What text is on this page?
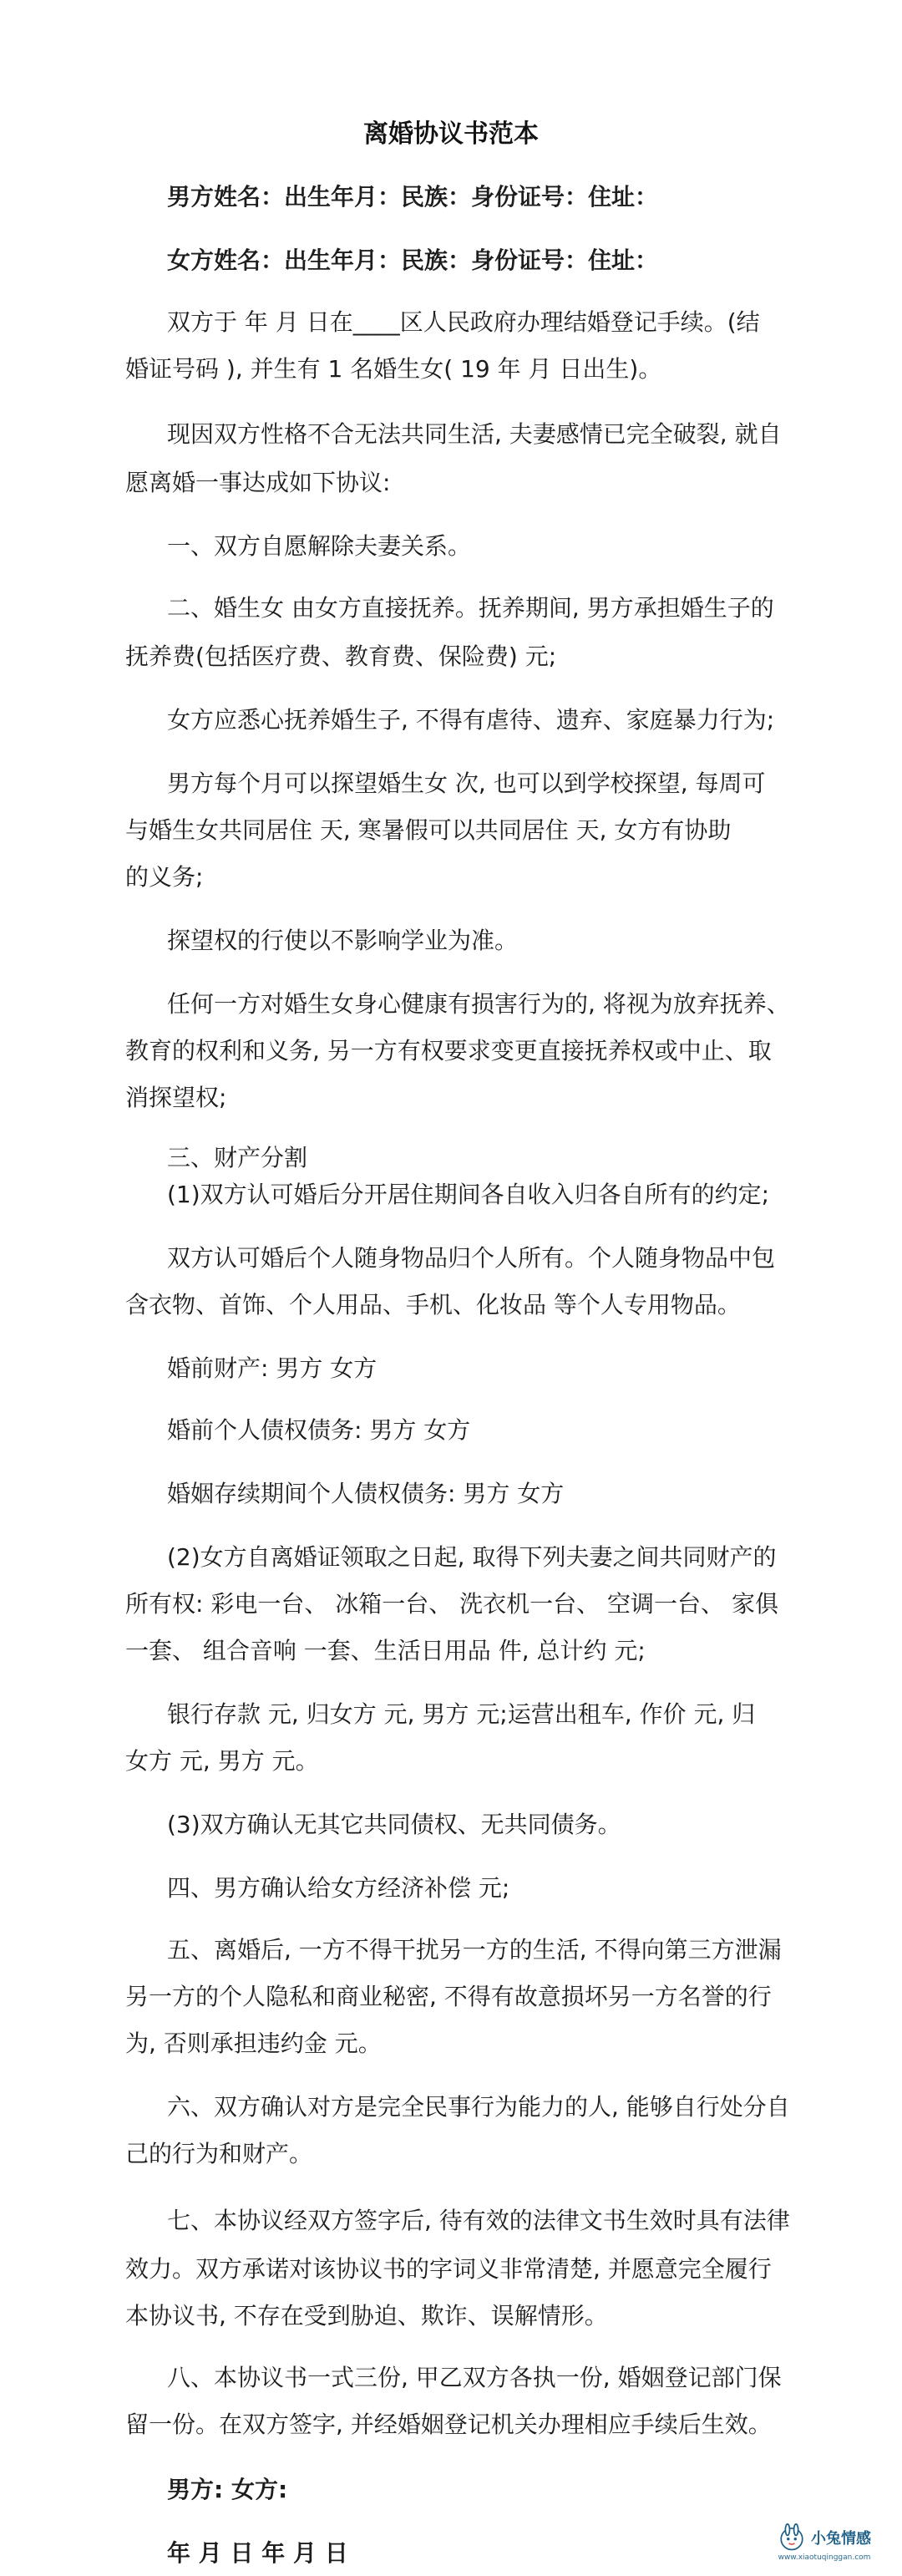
离婚协议书范本
男方姓名：出生年月：民族：身份证号：住址：
女方姓名：出生年月：民族：身份证号：住址：
双方于 年 月 日在____区人民政府办理结婚登记手续。(结
婚证号码 ), 并生有 1 名婚生女( 19 年 月 日出生)。
现因双方性格不合无法共同生活, 夫妻感情已完全破裂, 就自
愿离婚一事达成如下协议:
一、双方自愿解除夫妻关系。
二、婚生女 由女方直接抚养。抚养期间, 男方承担婚生子的
抚养费(包括医疗费、教育费、保险费) 元;
女方应悉心抚养婚生子, 不得有虐待、遗弃、家庭暴力行为;
男方每个月可以探望婚生女 次, 也可以到学校探望, 每周可
与婚生女共同居住 天, 寒暑假可以共同居住 天, 女方有协助
的义务;
探望权的行使以不影响学业为准。
任何一方对婚生女身心健康有损害行为的, 将视为放弃抚养、
教育的权利和义务, 另一方有权要求变更直接抚养权或中止、取
消探望权;
三、财产分割
(1)双方认可婚后分开居住期间各自收入归各自所有的约定;
双方认可婚后个人随身物品归个人所有。个人随身物品中包
含衣物、首饰、个人用品、手机、化妆品 等个人专用物品。
婚前财产: 男方 女方
婚前个人债权债务: 男方 女方
婚姻存续期间个人债权债务: 男方 女方
(2)女方自离婚证领取之日起, 取得下列夫妻之间共同财产的
所有权: 彩电一台、 冰箱一台、 洗衣机一台、 空调一台、 家俱
一套、 组合音响 一套、生活日用品 件, 总计约 元;
银行存款 元, 归女方 元, 男方 元;运营出租车, 作价 元, 归
女方 元, 男方 元。
(3)双方确认无其它共同债权、无共同债务。
四、男方确认给女方经济补偿 元;
五、离婚后, 一方不得干扰另一方的生活, 不得向第三方泄漏
另一方的个人隐私和商业秘密, 不得有故意损坏另一方名誉的行
为, 否则承担违约金 元。
六、双方确认对方是完全民事行为能力的人, 能够自行处分自
己的行为和财产。
七、本协议经双方签字后, 待有效的法律文书生效时具有法律
效力。双方承诺对该协议书的字词义非常清楚, 并愿意完全履行
本协议书, 不存在受到胁迫、欺诈、误解情形。
八、本协议书一式三份, 甲乙双方各执一份, 婚姻登记部门保
留一份。在双方签字, 并经婚姻登记机关办理相应手续后生效。
男方: 女方:
年 月 日 年 月 日
小兔情感
www.xiaotuqinggan.com
